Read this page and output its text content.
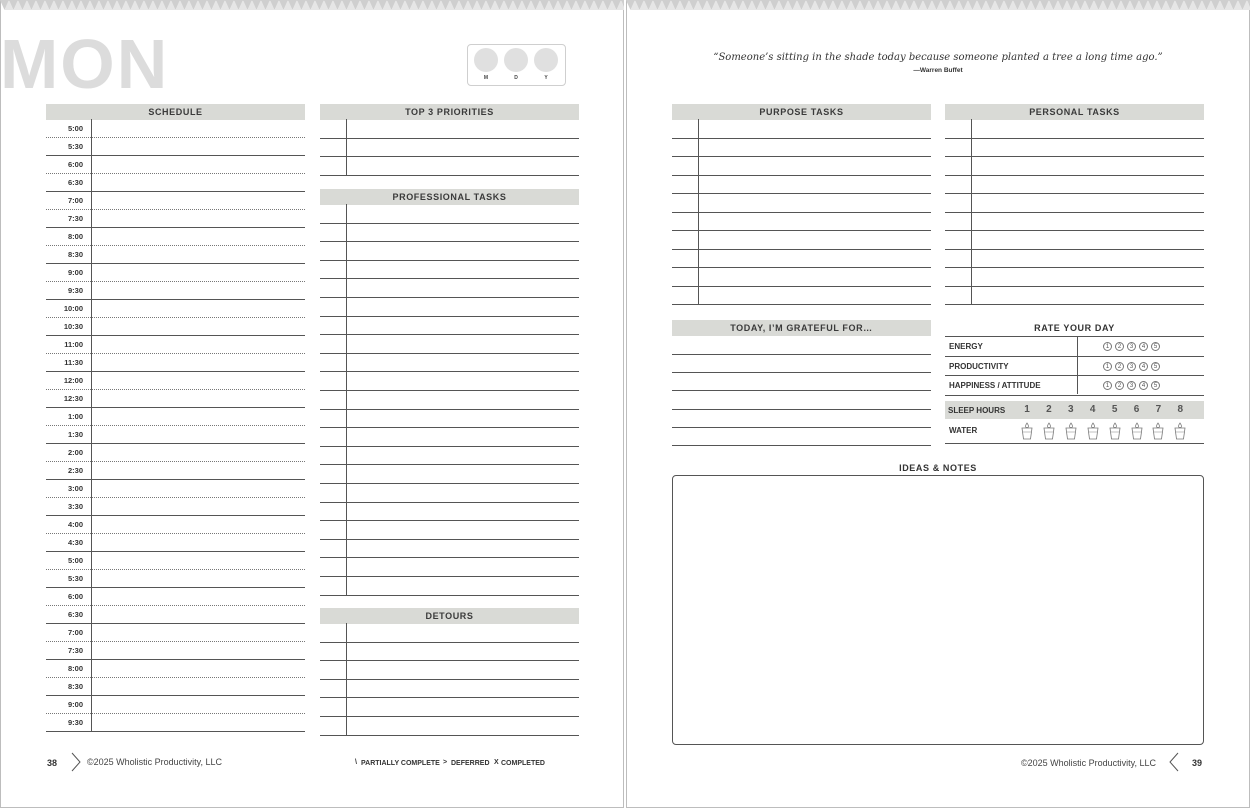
MON	M	D	Y
SCHEDULE
5:00
5:30
6:00
6:30
7:00
7:30
8:00
8:30
9:00
9:30
10:00
10:30
11:00
11:30
12:00
12:30
1:00
1:30
2:00
2:30
3:00
3:30
4:00
4:30
5:00
5:30
6:00
6:30
7:00
7:30
8:00
8:30
9:00
9:30
TOP 3 PRIORITIES
PROFESSIONAL TASKS
DETOURS
38	©2025 Wholistic Productivity, LLC	\ PARTIALLY COMPLETE > DEFERRED X COMPLETED
“Someone’s sitting in the shade today because someone planted a tree a long time ago.”
—Warren Buffet
PURPOSE TASKS	PERSONAL TASKS
TODAY, I’M GRATEFUL FOR…	RATE YOUR DAY
ENERGY	1	2	3	4	5
PRODUCTIVITY	1	2	3	4	5
HAPPINESS / ATTITUDE	1	2	3	4	5
SLEEP HOURS	1	2	3	4	5	6	7	8
WATER
IDEAS & NOTES
©2025 Wholistic Productivity, LLC	39
